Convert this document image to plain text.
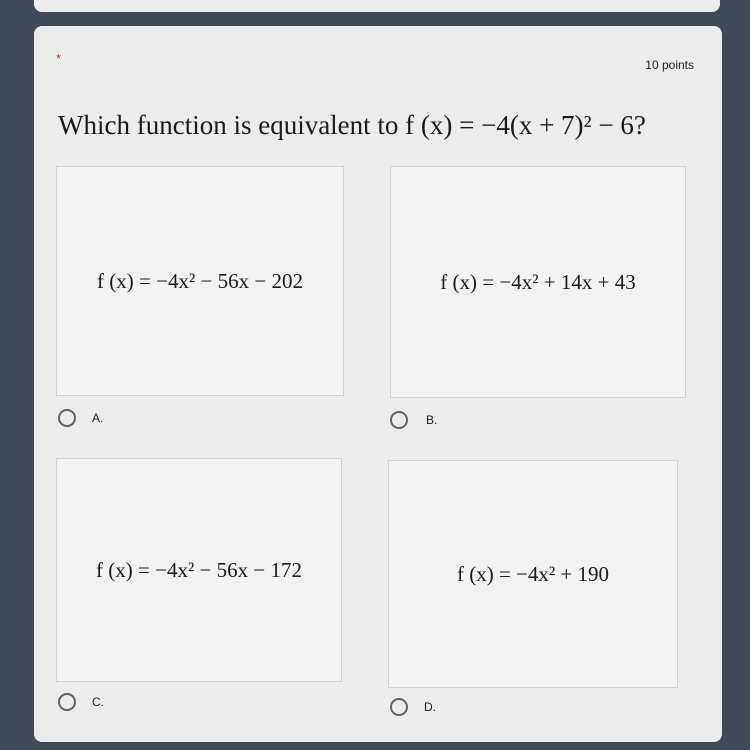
*	10 points
Which function is equivalent to f (x) = −4(x + 7)² − 6?
f (x) = −4x² − 56x − 202
A.
f (x) = −4x² + 14x + 43
B.
f (x) = −4x² − 56x − 172
C.
f (x) = −4x² + 190
D.
